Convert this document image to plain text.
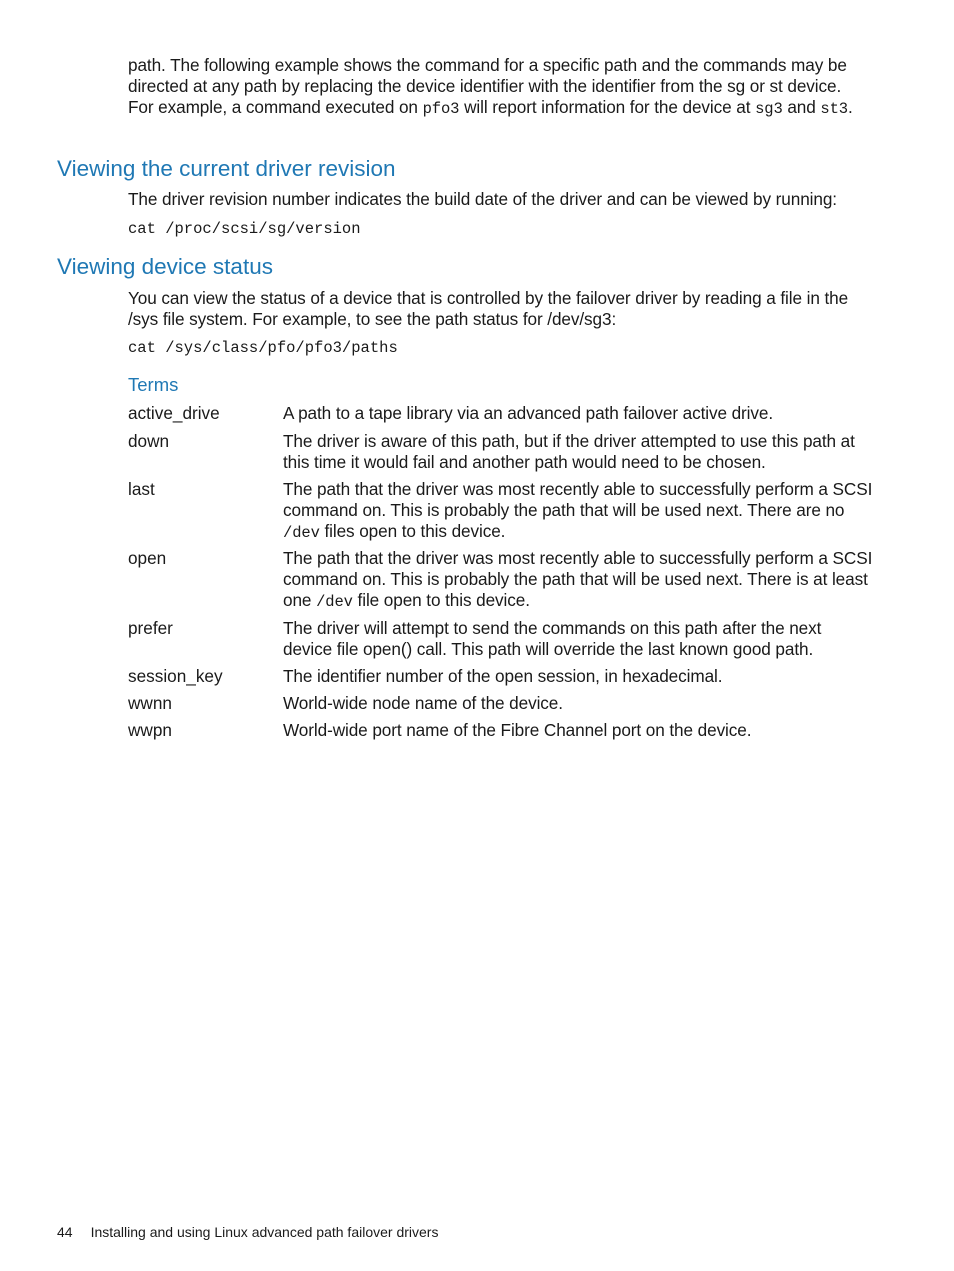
path. The following example shows the command for a specific path and the commands may be directed at any path by replacing the device identifier with the identifier from the sg or st device. For example, a command executed on pfo3 will report information for the device at sg3 and st3.

Viewing the current driver revision

The driver revision number indicates the build date of the driver and can be viewed by running:

cat /proc/scsi/sg/version
Viewing device status

You can view the status of a device that is controlled by the failover driver by reading a file in the /sys file system. For example, to see the path status for /dev/sg3:

cat /sys/class/pfo/pfo3/paths
Terms
active_drive	A path to a tape library via an advanced path failover active drive.
down	The driver is aware of this path, but if the driver attempted to use this path at this time it would fail and another path would need to be chosen.
last	The path that the driver was most recently able to successfully perform a SCSI command on. This is probably the path that will be used next. There are no /dev files open to this device.
open	The path that the driver was most recently able to successfully perform a SCSI command on. This is probably the path that will be used next. There is at least one /dev file open to this device.
prefer	The driver will attempt to send the commands on this path after the next device file open() call. This path will override the last known good path.
session_key	The identifier number of the open session, in hexadecimal.
wwnn	World-wide node name of the device.
wwpn	World-wide port name of the Fibre Channel port on the device.
44 Installing and using Linux advanced path failover drivers
